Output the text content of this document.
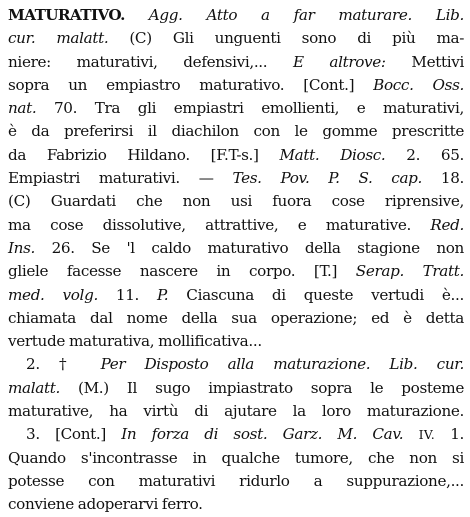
MATURATIVO. Agg. Atto a far maturare. Lib.
cur. malatt. (C) Gli unguenti sono di più ma-
niere: maturativi, defensivi,... E altrove: Mettivi
sopra un empiastro maturativo. [Cont.] Bocc. Oss.
nat. 70. Tra gli empiastri emollienti, e maturativi,
è da preferirsi il diachilon con le gomme prescritte
da Fabrizio Hildano. [F.T-s.] Matt. Diosc. 2. 65.
Empiastri maturativi. — Tes. Pov. P. S. cap. 18.
(C) Guardati che non usi fuora cose riprensive,
ma cose dissolutive, attrattive, e maturative. Red.
Ins. 26. Se 'l caldo maturativo della stagione non
gliele facesse nascere in corpo. [T.] Serap. Tratt.
med. volg. 11. P. Ciascuna di queste vertudi è...
chiamata dal nome della sua operazione; ed è detta
vertude maturativa, mollificativa...
2. † Per Disposto alla maturazione. Lib. cur.
malatt. (M.) Il sugo impiastrato sopra le posteme
maturative, ha virtù di ajutare la loro maturazione.
3. [Cont.] In forza di sost. Garz. M. Cav. IV. 1.
Quando s'incontrasse in qualche tumore, che non si
potesse con maturativi ridurlo a suppurazione,...
conviene adoperarvi ferro.
